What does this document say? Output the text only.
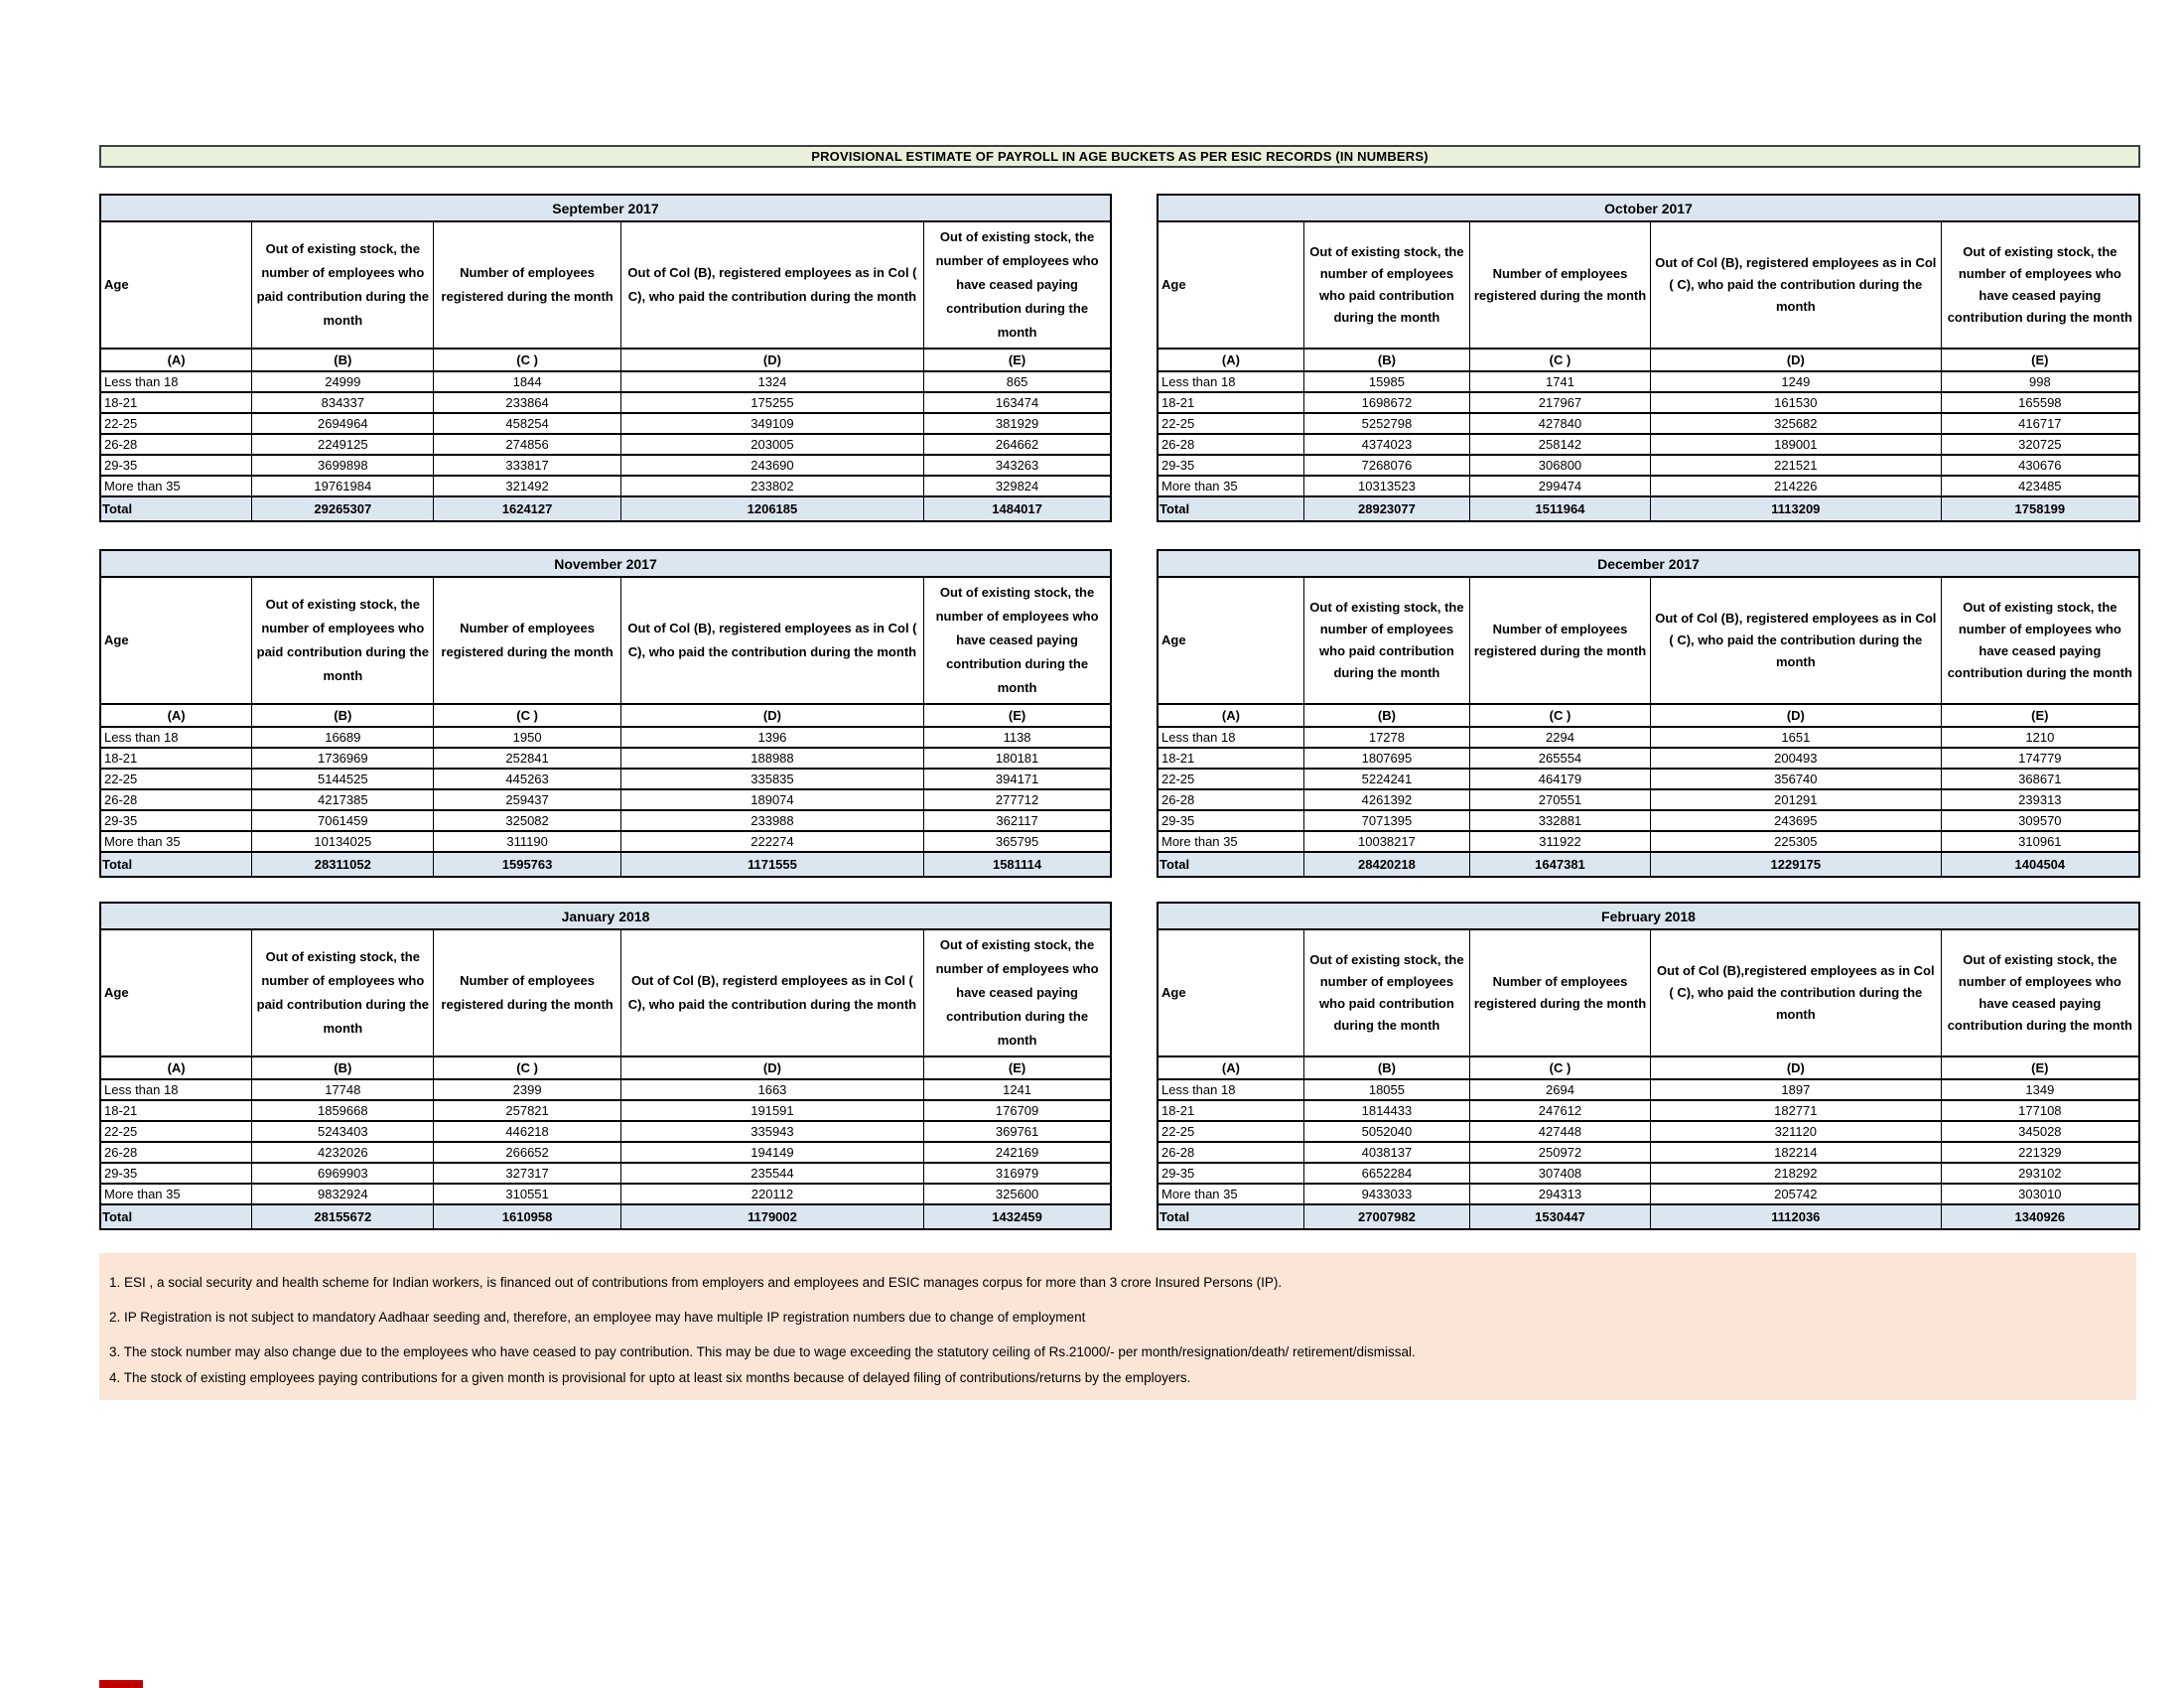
PROVISIONAL ESTIMATE OF PAYROLL IN AGE BUCKETS AS PER ESIC RECORDS (IN NUMBERS)
September 2017				
Age	Out of existing stock, the number of employees who paid contribution during the month	Number of employees registered during the month	Out of Col (B), registered employees as in Col ( C), who paid the contribution during the month	Out of existing stock, the number of employees who have ceased paying contribution during the month
(A)	(B)	(C )	(D)	(E)
Less than 18	24999	1844	1324	865
18-21	834337	233864	175255	163474
22-25	2694964	458254	349109	381929
26-28	2249125	274856	203005	264662
29-35	3699898	333817	243690	343263
More than 35	19761984	321492	233802	329824
Total	29265307	1624127	1206185	1484017
October 2017				
Age	Out of existing stock, the number of employees who paid contribution during the month	Number of employees registered during the month	Out of Col (B), registered employees as in Col ( C), who paid the contribution during the month	Out of existing stock, the number of employees who have ceased paying contribution during the month
(A)	(B)	(C )	(D)	(E)
Less than 18	15985	1741	1249	998
18-21	1698672	217967	161530	165598
22-25	5252798	427840	325682	416717
26-28	4374023	258142	189001	320725
29-35	7268076	306800	221521	430676
More than 35	10313523	299474	214226	423485
Total	28923077	1511964	1113209	1758199
November 2017				
Age	Out of existing stock, the number of employees who paid contribution during the month	Number of employees registered during the month	Out of Col (B), registered employees as in Col ( C), who paid the contribution during the month	Out of existing stock, the number of employees who have ceased paying contribution during the month
(A)	(B)	(C )	(D)	(E)
Less than 18	16689	1950	1396	1138
18-21	1736969	252841	188988	180181
22-25	5144525	445263	335835	394171
26-28	4217385	259437	189074	277712
29-35	7061459	325082	233988	362117
More than 35	10134025	311190	222274	365795
Total	28311052	1595763	1171555	1581114
December 2017				
Age	Out of existing stock, the number of employees who paid contribution during the month	Number of employees registered during the month	Out of Col (B), registered employees as in Col ( C), who paid the contribution during the month	Out of existing stock, the number of employees who have ceased paying contribution during the month
(A)	(B)	(C )	(D)	(E)
Less than 18	17278	2294	1651	1210
18-21	1807695	265554	200493	174779
22-25	5224241	464179	356740	368671
26-28	4261392	270551	201291	239313
29-35	7071395	332881	243695	309570
More than 35	10038217	311922	225305	310961
Total	28420218	1647381	1229175	1404504
January 2018				
Age	Out of existing stock, the number of employees who paid contribution during the month	Number of employees registered during the month	Out of Col (B), registerd employees as in Col ( C), who paid the contribution during the month	Out of existing stock, the number of employees who have ceased paying contribution during the month
(A)	(B)	(C )	(D)	(E)
Less than 18	17748	2399	1663	1241
18-21	1859668	257821	191591	176709
22-25	5243403	446218	335943	369761
26-28	4232026	266652	194149	242169
29-35	6969903	327317	235544	316979
More than 35	9832924	310551	220112	325600
Total	28155672	1610958	1179002	1432459
February 2018				
Age	Out of existing stock, the number of employees who paid contribution during the month	Number of employees registered during the month	Out of Col (B),registered employees as in Col ( C), who paid the contribution during the month	Out of existing stock, the number of employees who have ceased paying contribution during the month
(A)	(B)	(C )	(D)	(E)
Less than 18	18055	2694	1897	1349
18-21	1814433	247612	182771	177108
22-25	5052040	427448	321120	345028
26-28	4038137	250972	182214	221329
29-35	6652284	307408	218292	293102
More than 35	9433033	294313	205742	303010
Total	27007982	1530447	1112036	1340926

1. ESI , a social security and health scheme for Indian workers, is financed out of contributions from employers and employees and ESIC manages corpus for more than 3 crore Insured Persons (IP).

2. IP Registration is not subject to mandatory Aadhaar seeding and, therefore, an employee may have multiple IP registration numbers due to change of employment

3. The stock number may also change due to the employees who have ceased to pay contribution. This may be due to wage exceeding the statutory ceiling of Rs.21000/- per month/resignation/death/ retirement/dismissal.

4. The stock of existing employees paying contributions for a given month is provisional for upto at least six months because of delayed filing of contributions/returns by the employers.
